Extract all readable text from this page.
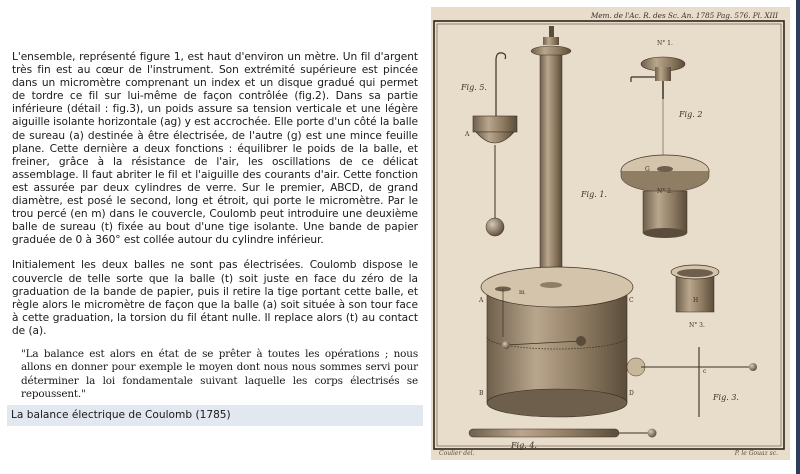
L'ensemble, représenté figure 1, est haut d'environ un mètre. Un fil d'argent très fin est au cœur de l'instrument. Son extrémité supérieure est pincée dans un micromètre comprenant un index et un disque gradué qui permet de tordre ce fil sur lui-même de façon contrôlée (fig.2). Dans sa partie inférieure (détail : fig.3), un poids assure sa tension verticale et une légère aiguille isolante horizontale (ag) y est accrochée. Elle porte d'un côté la balle de sureau (a) destinée à être électrisée, de l'autre (g) est une mince feuille plane. Cette dernière a deux fonctions : équilibrer le poids de la balle, et freiner, grâce à la résistance de l'air, les oscillations de ce délicat assemblage. Il faut abriter le fil et l'aiguille des courants d'air. Cette fonction est assurée par deux cylindres de verre. Sur le premier, ABCD, de grand diamètre, est posé le second, long et étroit, qui porte le micromètre. Par le trou percé (en m) dans le couvercle, Coulomb peut introduire une deuxième balle de sureau (t) fixée au bout d'une tige isolante. Une bande de papier graduée de 0 à 360° est collée autour du cylindre inférieur.

Initialement les deux balles ne sont pas électrisées. Coulomb dispose le couvercle de telle sorte que la balle (t) soit juste en face du zéro de la graduation de la bande de papier, puis il retire la tige portant cette balle, et règle alors le micromètre de façon que la balle (a) soit située à son tour face à cette graduation, la torsion du fil étant nulle. Il replace alors (t) au contact de (a).

"La balance est alors en état de se prêter à toutes les opérations ; nous allons en donner pour exemple le moyen dont nous nous sommes servi pour déterminer la loi fondamentale suivant laquelle les corps électrisés se repoussent."

La balance électrique de Coulomb (1785)
Fig. 5.
A
Fig. 1.
N° 1.
Fig. 2
N° 2.
G
A
B
C
D
m
H
N° 3.
Fig. 3.
c
Fig. 4.
Mem. de l'Ac. R. des Sc. An. 1785 Pag. 576. Pl. XIII
Coulier del.	P. le Gouaz sc.
